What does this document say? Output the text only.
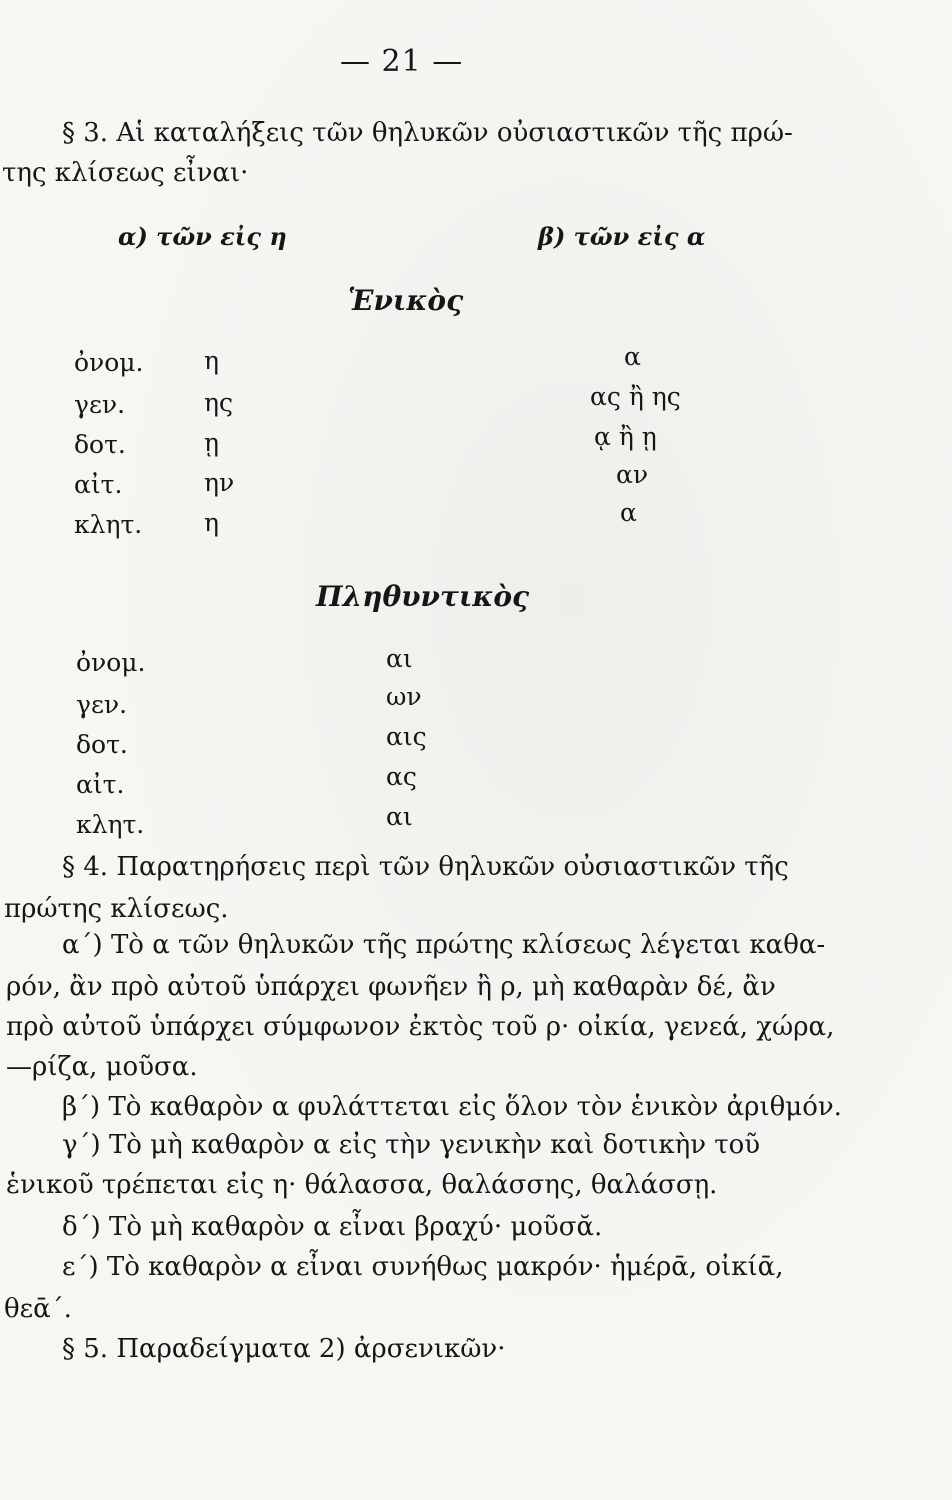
— 21 —
§ 3. Αἱ καταλήξεις τῶν θηλυκῶν οὐσιαστικῶν τῆς πρώ-
της κλίσεως εἶναι·
α) τῶν εἰς η	β) τῶν εἰς α
Ἑνικὸς
ὀνομ. η	α
γεν.	ης	ας ἢ ης
δοτ.	ῃ	ᾳ ἢ ῃ
αἰτ.	ην	αν
κλητ. η	α
Πληθυντικὸς
ὀνομ.	αι
γεν.	ων
δοτ.	αις
αἰτ.	ας
κλητ.	αι
§ 4. Παρατηρήσεις περὶ τῶν θηλυκῶν οὐσιαστικῶν τῆς
πρώτης κλίσεως.
α΄) Τὸ α τῶν θηλυκῶν τῆς πρώτης κλίσεως λέγεται καθα-
ρόν, ἂν πρὸ αὐτοῦ ὑπάρχει φωνῆεν ἢ ρ, μὴ καθαρὰν δέ, ἂν
πρὸ αὐτοῦ ὑπάρχει σύμφωνον ἐκτὸς τοῦ ρ· οἰκία, γενεά, χώρα,
—ρίζα, μοῦσα.
β΄) Τὸ καθαρὸν α φυλάττεται εἰς ὅλον τὸν ἑνικὸν ἀριθμόν.
γ΄) Τὸ μὴ καθαρὸν α εἰς τὴν γενικὴν καὶ δοτικὴν τοῦ
ἑνικοῦ τρέπεται εἰς η· θάλασσα, θαλάσσης, θαλάσσῃ.
δ΄) Τὸ μὴ καθαρὸν α εἶναι βραχύ· μοῦσᾰ.
ε΄) Τὸ καθαρὸν α εἶναι συνήθως μακρόν· ἡμέρᾱ, οἰκίᾱ,
θεᾱ΄.
§ 5. Παραδείγματα 2) ἀρσενικῶν·
